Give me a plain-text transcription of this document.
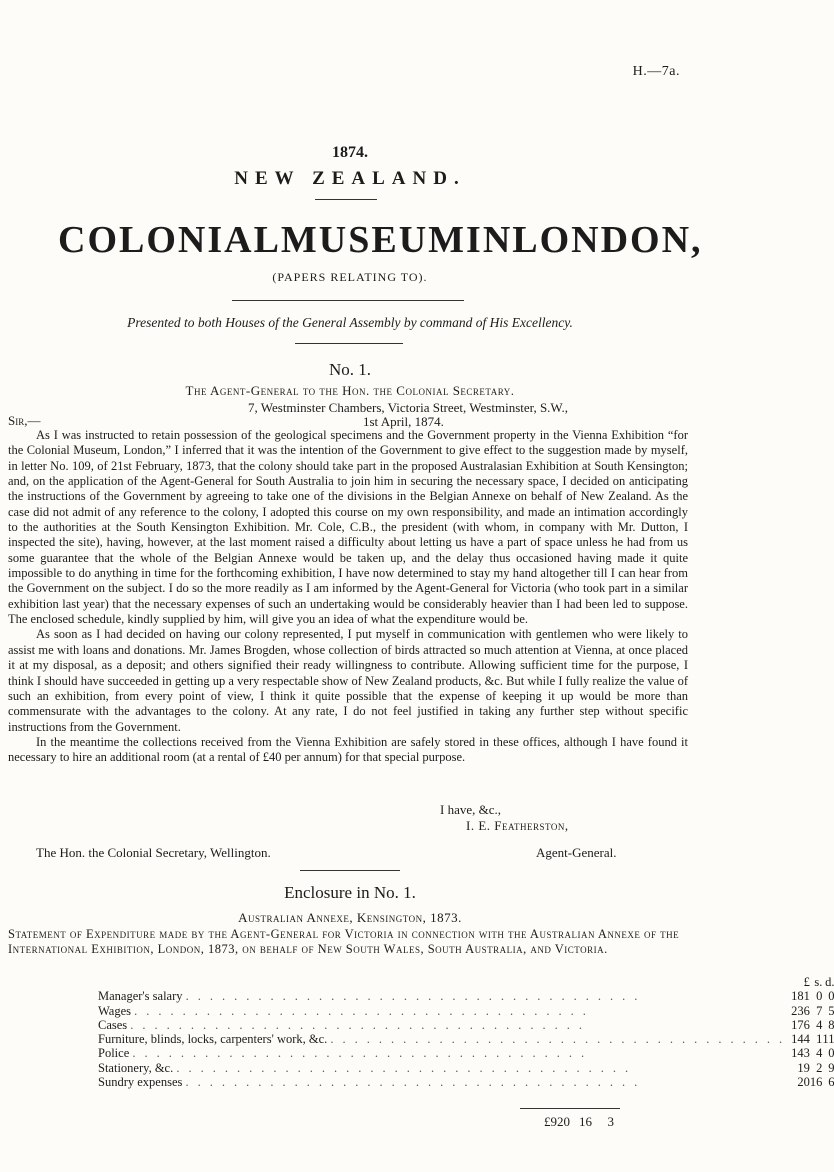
H.—7a.
1874.
NEW ZEALAND.
COLONIAL MUSEUM IN LONDON,
(PAPERS RELATING TO).
Presented to both Houses of the General Assembly by command of His Excellency.
No. 1.
The Agent-General to the Hon. the Colonial Secretary.
7, Westminster Chambers, Victoria Street, Westminster, S.W.,
Sir,—	1st April, 1874.

As I was instructed to retain possession of the geological specimens and the Government property in the Vienna Exhibition “for the Colonial Museum, London,” I inferred that it was the intention of the Government to give effect to the suggestion made by myself, in letter No. 109, of 21st February, 1873, that the colony should take part in the proposed Australasian Exhibition at South Kensington; and, on the application of the Agent-General for South Australia to join him in securing the necessary space, I decided on anticipating the instructions of the Government by agreeing to take one of the divisions in the Belgian Annexe on behalf of New Zealand. As the case did not admit of any reference to the colony, I adopted this course on my own responsibility, and made an intimation accordingly to the authorities at the South Kensington Exhibition. Mr. Cole, C.B., the president (with whom, in company with Mr. Dutton, I inspected the site), having, however, at the last moment raised a difficulty about letting us have a part of space unless he had from us some guarantee that the whole of the Belgian Annexe would be taken up, and the delay thus occasioned having made it quite impossible to do anything in time for the forthcoming exhibition, I have now determined to stay my hand altogether till I can hear from the Government on the subject. I do so the more readily as I am informed by the Agent-General for Victoria (who took part in a similar exhibition last year) that the necessary expenses of such an undertaking would be considerably heavier than I had been led to suppose. The enclosed schedule, kindly supplied by him, will give you an idea of what the expenditure would be.

As soon as I had decided on having our colony represented, I put myself in communication with gentlemen who were likely to assist me with loans and donations. Mr. James Brogden, whose collection of birds attracted so much attention at Vienna, at once placed it at my disposal, as a deposit; and others signified their ready willingness to contribute. Allowing sufficient time for the purpose, I think I should have succeeded in getting up a very respectable show of New Zealand products, &c. But while I fully realize the value of such an exhibition, from every point of view, I think it quite possible that the expense of keeping it up would be more than commensurate with the advantages to the colony. At any rate, I do not feel justified in taking any further step without specific instructions from the Government.

In the meantime the collections received from the Vienna Exhibition are safely stored in these offices, although I have found it necessary to hire an additional room (at a rental of £40 per annum) for that special purpose.

I have, &c.,
I. E. Featherston,
The Hon. the Colonial Secretary, Wellington.	Agent-General.
Enclosure in No. 1.
Australian Annexe, Kensington, 1873.
Statement of Expenditure made by the Agent-General for Victoria in connection with the Australian Annexe of the International Exhibition, London, 1873, on behalf of New South Wales, South Australia, and Victoria.
	£	s.	d.
Manager's salary ......................................	181	0	0
Wages ......................................	236	7	5
Cases ......................................	176	4	8
Furniture, blinds, locks, carpenters' work, &c. ......................................	144	1	11
Police ......................................	143	4	0
Stationery, &c. ......................................	19	2	9
Sundry expenses ......................................	20	16	6
£920 16	3
